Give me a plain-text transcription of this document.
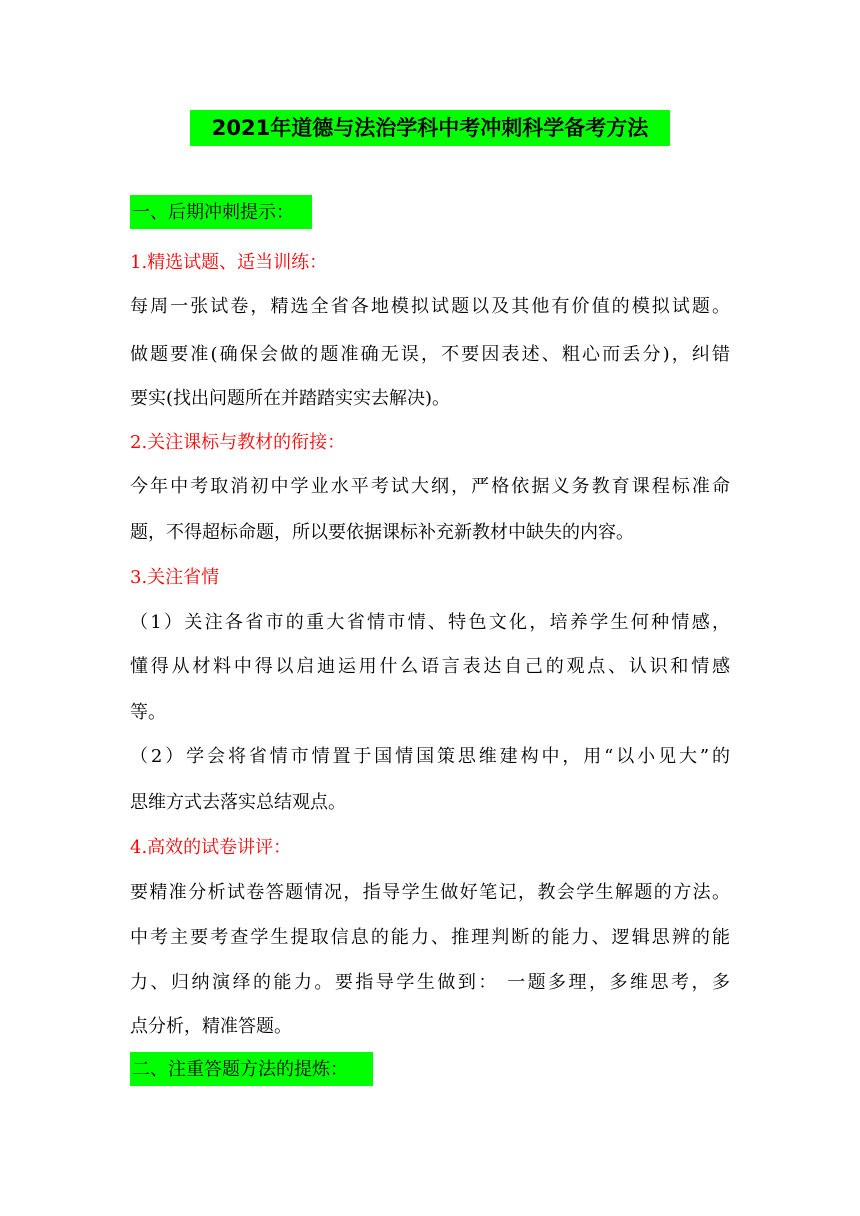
2021年道德与法治学科中考冲刺科学备考方法
一、后期冲刺提示：
1.精选试题、适当训练：
每周一张试卷，精选全省各地模拟试题以及其他有价值的模拟试题。
做题要准(确保会做的题准确无误，不要因表述、粗心而丢分)，纠错
要实(找出问题所在并踏踏实实去解决)。
2.关注课标与教材的衔接：
今年中考取消初中学业水平考试大纲，严格依据义务教育课程标准命
题，不得超标命题，所以要依据课标补充新教材中缺失的内容。
3.关注省情
（1）关注各省市的重大省情市情、特色文化，培养学生何种情感，
懂得从材料中得以启迪运用什么语言表达自己的观点、认识和情感
等。
（2）学会将省情市情置于国情国策思维建构中，用“以小见大”的
思维方式去落实总结观点。
4.高效的试卷讲评：
要精准分析试卷答题情况，指导学生做好笔记，教会学生解题的方法。
中考主要考查学生提取信息的能力、推理判断的能力、逻辑思辨的能
力、归纳演绎的能力。要指导学生做到： 一题多理，多维思考，多
点分析，精准答题。
二、注重答题方法的提炼：
